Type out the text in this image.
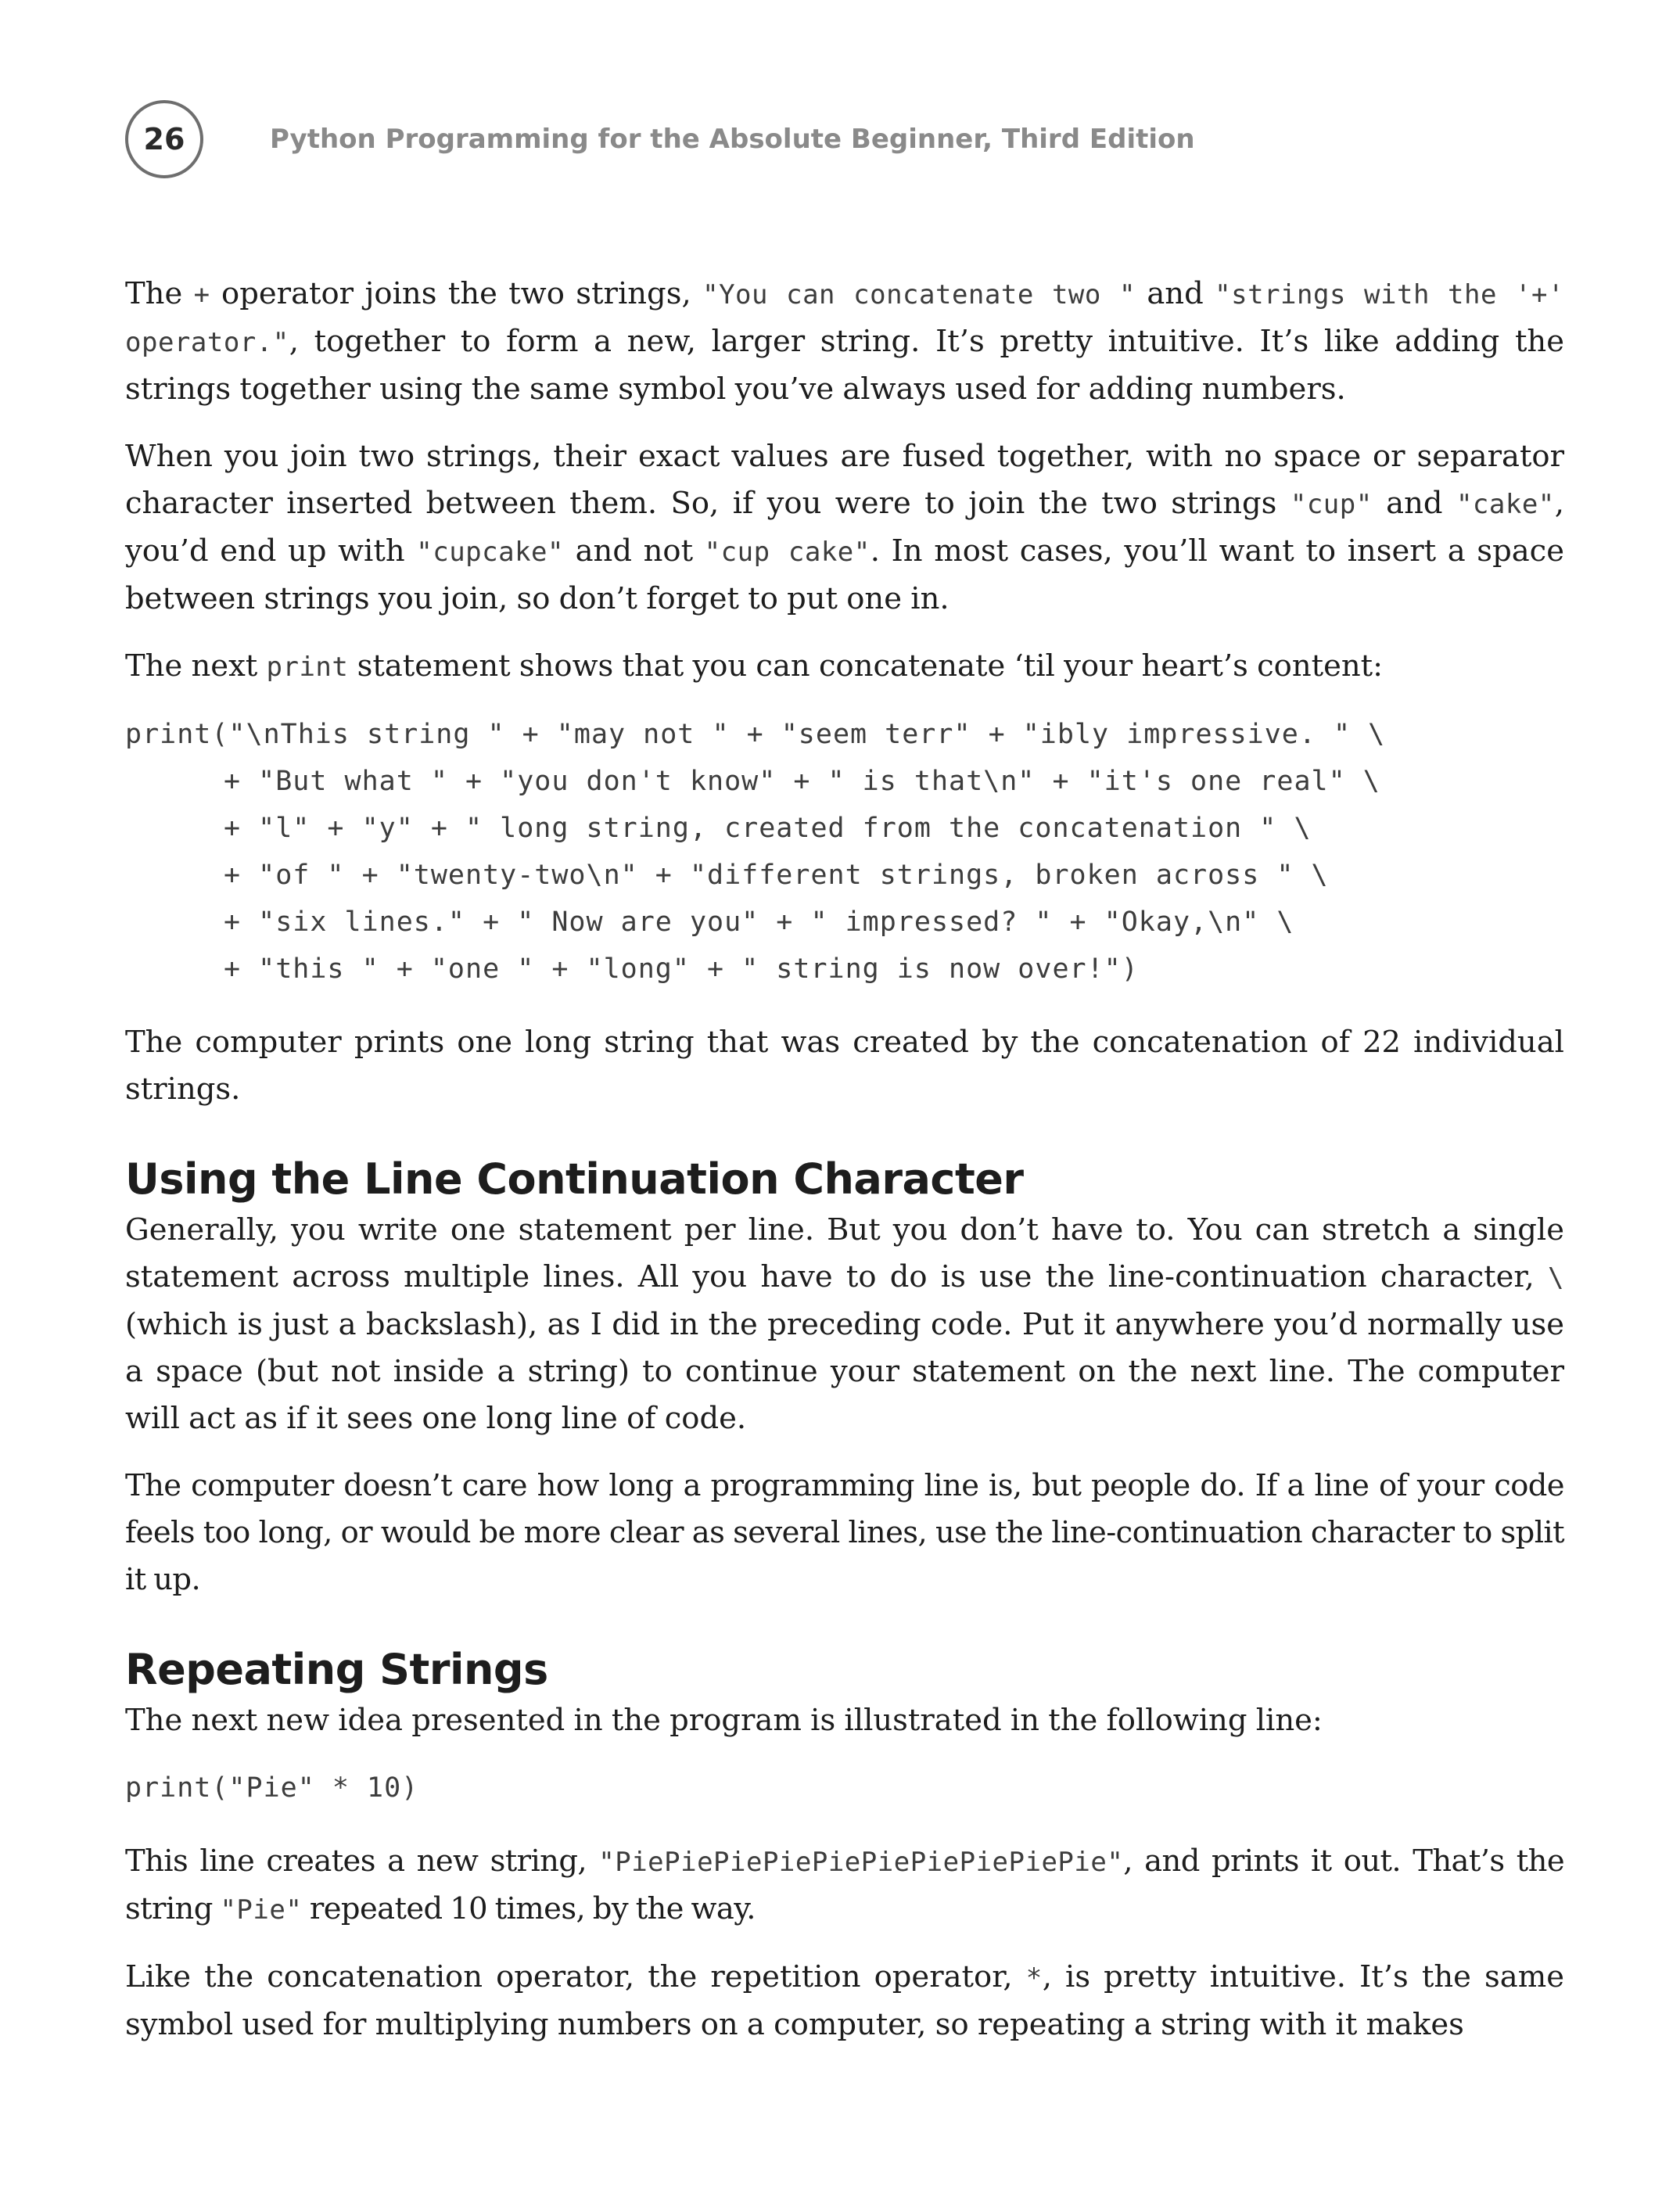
26	Python Programming for the Absolute Beginner, Third Edition

The + operator joins the two strings, "You can concatenate two " and "strings with the '+' operator.", together to form a new, larger string. It’s pretty intuitive. It’s like adding the strings together using the same symbol you’ve always used for adding numbers.

When you join two strings, their exact values are fused together, with no space or separator character inserted between them. So, if you were to join the two strings "cup" and "cake", you’d end up with "cupcake" and not "cup cake". In most cases, you’ll want to insert a space between strings you join, so don’t forget to put one in.

The next print statement shows that you can concatenate ‘til your heart’s content:

print("\nThis string " + "may not " + "seem terr" + "ibly impressive. " \
+ "But what " + "you don't know" + " is that\n" + "it's one real" \
+ "l" + "y" + " long string, created from the concatenation " \
+ "of " + "twenty-two\n" + "different strings, broken across " \
+ "six lines." + " Now are you" + " impressed? " + "Okay,\n" \
+ "this " + "one " + "long" + " string is now over!")

The computer prints one long string that was created by the concatenation of 22 individual strings.

Using the Line Continuation Character

Generally, you write one statement per line. But you don’t have to. You can stretch a single statement across multiple lines. All you have to do is use the line-continuation character, \ (which is just a backslash), as I did in the preceding code. Put it anywhere you’d normally use a space (but not inside a string) to continue your statement on the next line. The computer will act as if it sees one long line of code.

The computer doesn’t care how long a programming line is, but people do. If a line of your code feels too long, or would be more clear as several lines, use the line-continuation character to split it up.

Repeating Strings

The next new idea presented in the program is illustrated in the following line:

print("Pie" * 10)

This line creates a new string, "PiePiePiePiePiePiePiePiePiePie", and prints it out. That’s the string "Pie" repeated 10 times, by the way.

Like the concatenation operator, the repetition operator, *, is pretty intuitive. It’s the same symbol used for multiplying numbers on a computer, so repeating a string with it makes
